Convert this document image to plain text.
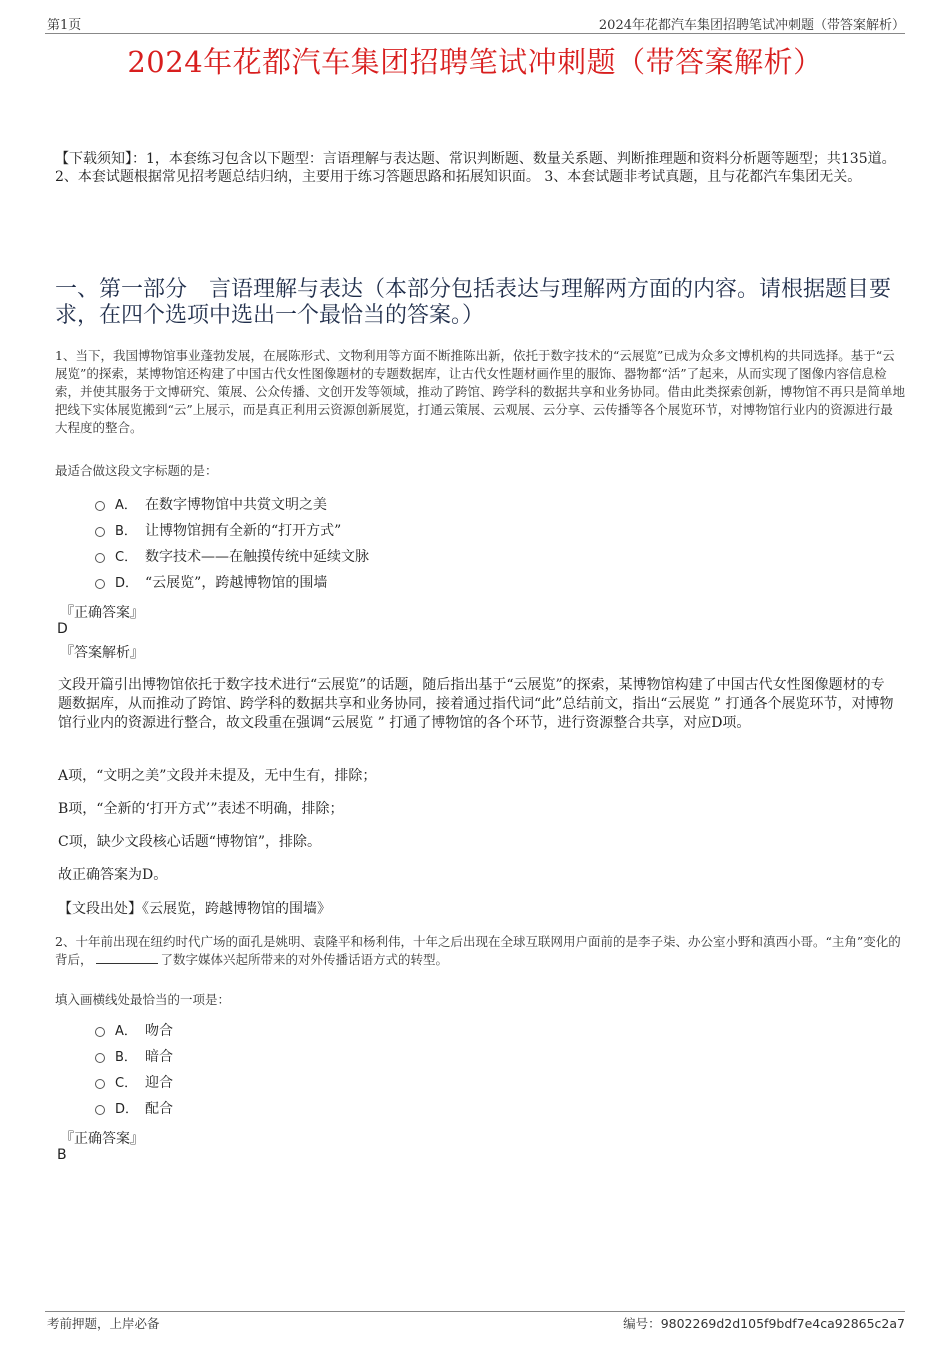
第1页	2024年花都汽车集团招聘笔试冲刺题（带答案解析）
2024年花都汽车集团招聘笔试冲刺题（带答案解析）
【下载须知】：1，本套练习包含以下题型：言语理解与表达题、常识判断题、数量关系题、判断推理题和资料分析题等题型；共135道。 2、本套试题根据常见招考题总结归纳，主要用于练习答题思路和拓展知识面。 3、本套试题非考试真题，且与花都汽车集团无关。
一、第一部分　言语理解与表达（本部分包括表达与理解两方面的内容。请根据题目要求，在四个选项中选出一个最恰当的答案。）
1、当下，我国博物馆事业蓬勃发展，在展陈形式、文物利用等方面不断推陈出新，依托于数字技术的“云展览”已成为众多文博机构的共同选择。基于“云展览”的探索，某博物馆还构建了中国古代女性图像题材的专题数据库，让古代女性题材画作里的服饰、器物都“活”了起来，从而实现了图像内容信息检索，并使其服务于文博研究、策展、公众传播、文创开发等领域，推动了跨馆、跨学科的数据共享和业务协同。借由此类探索创新，博物馆不再只是简单地把线下实体展览搬到“云”上展示，而是真正利用云资源创新展览，打通云策展、云观展、云分享、云传播等各个展览环节，对博物馆行业内的资源进行最大程度的整合。
最适合做这段文字标题的是：
A． 在数字博物馆中共赏文明之美
B． 让博物馆拥有全新的“打开方式”
C． 数字技术——在触摸传统中延续文脉
D． “云展览”，跨越博物馆的围墙
『正确答案』
D
『答案解析』
文段开篇引出博物馆依托于数字技术进行“云展览”的话题，随后指出基于“云展览”的探索，某博物馆构建了中国古代女性图像题材的专题数据库，从而推动了跨馆、跨学科的数据共享和业务协同，接着通过指代词“此”总结前文，指出“云展览 ” 打通各个展览环节，对博物馆行业内的资源进行整合，故文段重在强调“云展览 ” 打通了博物馆的各个环节，进行资源整合共享，对应D项。
A项，“文明之美”文段并未提及，无中生有，排除；
B项，“全新的‘打开方式’”表述不明确，排除；
C项，缺少文段核心话题“博物馆”，排除。
故正确答案为D。
【文段出处】《云展览，跨越博物馆的围墙》
2、十年前出现在纽约时代广场的面孔是姚明、袁隆平和杨利伟，十年之后出现在全球互联网用户面前的是李子柒、办公室小野和滇西小哥。“主角”变化的背后，	了数字媒体兴起所带来的对外传播话语方式的转型。
填入画横线处最恰当的一项是：
A． 吻合
B． 暗合
C． 迎合
D． 配合
『正确答案』
B
考前押题，上岸必备	编号：9802269d2d105f9bdf7e4ca92865c2a7
